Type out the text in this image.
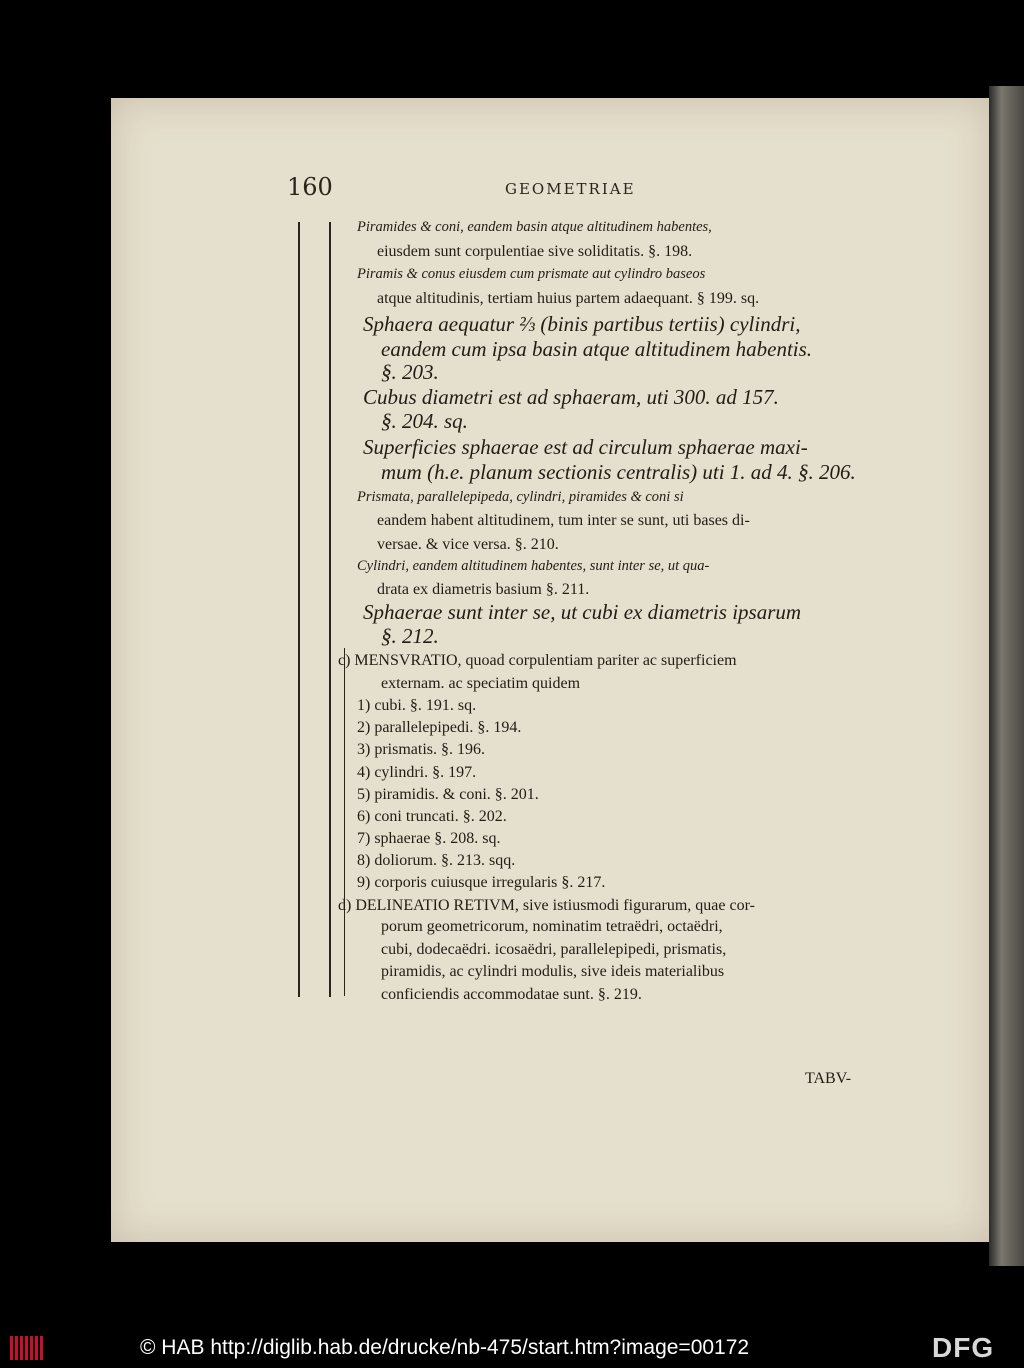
160	GEOMETRIAE
Piramides & coni, eandem basin atque altitudinem habentes,
eiusdem sunt corpulentiae sive soliditatis. §. 198.
Piramis & conus eiusdem cum prismate aut cylindro baseos
atque altitudinis, tertiam huius partem adaequant. § 199. sq.
Sphaera aequatur ⅔ (binis partibus tertiis) cylindri,
eandem cum ipsa basin atque altitudinem habentis.
§. 203.
Cubus diametri est ad sphaeram, uti 300. ad 157.
§. 204. sq.
Superficies sphaerae est ad circulum sphaerae maxi-
mum (h.e. planum sectionis centralis) uti 1. ad 4. §. 206.
Prismata, parallelepipeda, cylindri, piramides & coni si
eandem habent altitudinem, tum inter se sunt, uti bases di-
versae. & vice versa. §. 210.
Cylindri, eandem altitudinem habentes, sunt inter se, ut qua-
drata ex diametris basium §. 211.
Sphaerae sunt inter se, ut cubi ex diametris ipsarum
§. 212.
c) MENSVRATIO, quoad corpulentiam pariter ac superficiem
externam. ac speciatim quidem
1) cubi. §. 191. sq.
2) parallelepipedi. §. 194.
3) prismatis. §. 196.
4) cylindri. §. 197.
5) piramidis. & coni. §. 201.
6) coni truncati. §. 202.
7) sphaerae §. 208. sq.
8) doliorum. §. 213. sqq.
9) corporis cuiusque irregularis §. 217.
d) DELINEATIO RETIVM, sive istiusmodi figurarum, quae cor-
porum geometricorum, nominatim tetraëdri, octaëdri,
cubi, dodecaëdri. icosaëdri, parallelepipedi, prismatis,
piramidis, ac cylindri modulis, sive ideis materialibus
conficiendis accommodatae sunt. §. 219.
TABV-
© HAB http://diglib.hab.de/drucke/nb-475/start.htm?image=00172	DFG
